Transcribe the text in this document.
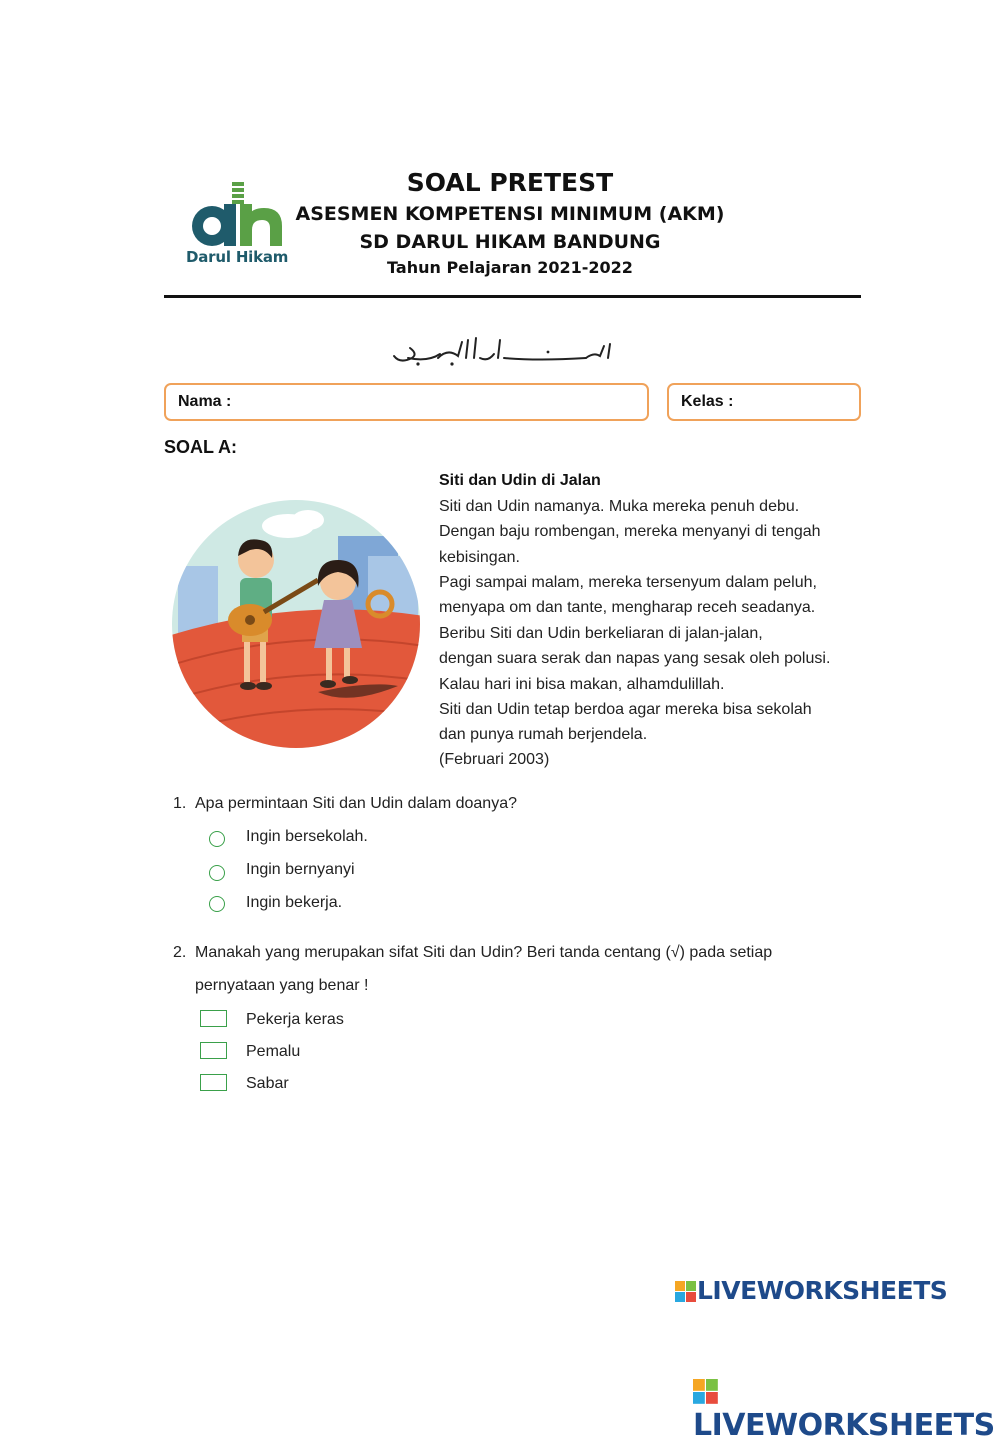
Darul Hikam
SOAL PRETEST
ASESMEN KOMPETENSI MINIMUM (AKM)
SD DARUL HIKAM BANDUNG
Tahun Pelajaran 2021-2022
Nama :	Kelas :
SOAL A:
Siti dan Udin di Jalan
Siti dan Udin namanya. Muka mereka penuh debu.
Dengan baju rombengan, mereka menyanyi di tengah
kebisingan.
Pagi sampai malam, mereka tersenyum dalam peluh,
menyapa om dan tante, mengharap receh seadanya.
Beribu Siti dan Udin berkeliaran di jalan-jalan,
dengan suara serak dan napas yang sesak oleh polusi.
Kalau hari ini bisa makan, alhamdulillah.
Siti dan Udin tetap berdoa agar mereka bisa sekolah
dan punya rumah berjendela.
(Februari 2003)
1. Apa permintaan Siti dan Udin dalam doanya?
Ingin bersekolah.
Ingin bernyanyi
Ingin bekerja.
2. Manakah yang merupakan sifat Siti dan Udin? Beri tanda centang (√) pada setiap
pernyataan yang benar !
Pekerja keras
Pemalu
Sabar
LIVEWORKSHEETS
LIVEWORKSHEETS
